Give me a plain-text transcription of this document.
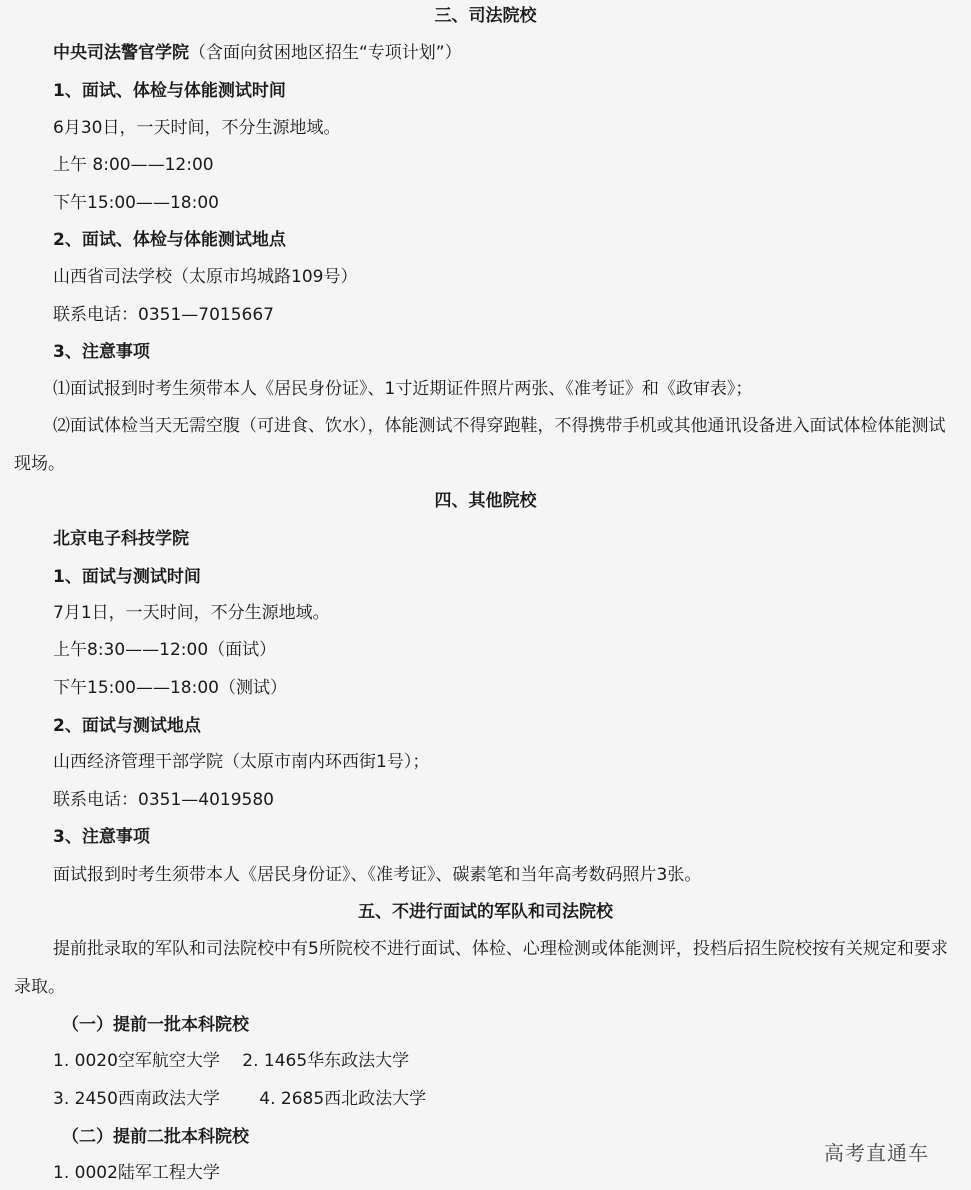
三、司法院校
中央司法警官学院（含面向贫困地区招生“专项计划”）
1、面试、体检与体能测试时间
6月30日，一天时间，不分生源地域。
上午 8:00——12:00
下午15:00——18:00
2、面试、体检与体能测试地点
山西省司法学校（太原市坞城路109号）
联系电话：0351—7015667
3、注意事项
⑴面试报到时考生须带本人《居民身份证》、1寸近期证件照片两张、《准考证》和《政审表》；
⑵面试体检当天无需空腹（可进食、饮水），体能测试不得穿跑鞋，不得携带手机或其他通讯设备进入面试体检体能测试现场。
四、其他院校
北京电子科技学院
1、面试与测试时间
7月1日，一天时间，不分生源地域。
上午8:30——12:00（面试）
下午15:00——18:00（测试）
2、面试与测试地点
山西经济管理干部学院（太原市南内环西街1号）；
联系电话：0351—4019580
3、注意事项
面试报到时考生须带本人《居民身份证》、《准考证》、碳素笔和当年高考数码照片3张。
五、不进行面试的军队和司法院校
提前批录取的军队和司法院校中有5所院校不进行面试、体检、心理检测或体能测评，投档后招生院校按有关规定和要求录取。
（一）提前一批本科院校
1. 0020空军航空大学　 2. 1465华东政法大学
3. 2450西南政法大学　　 4. 2685西北政法大学
（二）提前二批本科院校
1. 0002陆军工程大学
高考直通车
